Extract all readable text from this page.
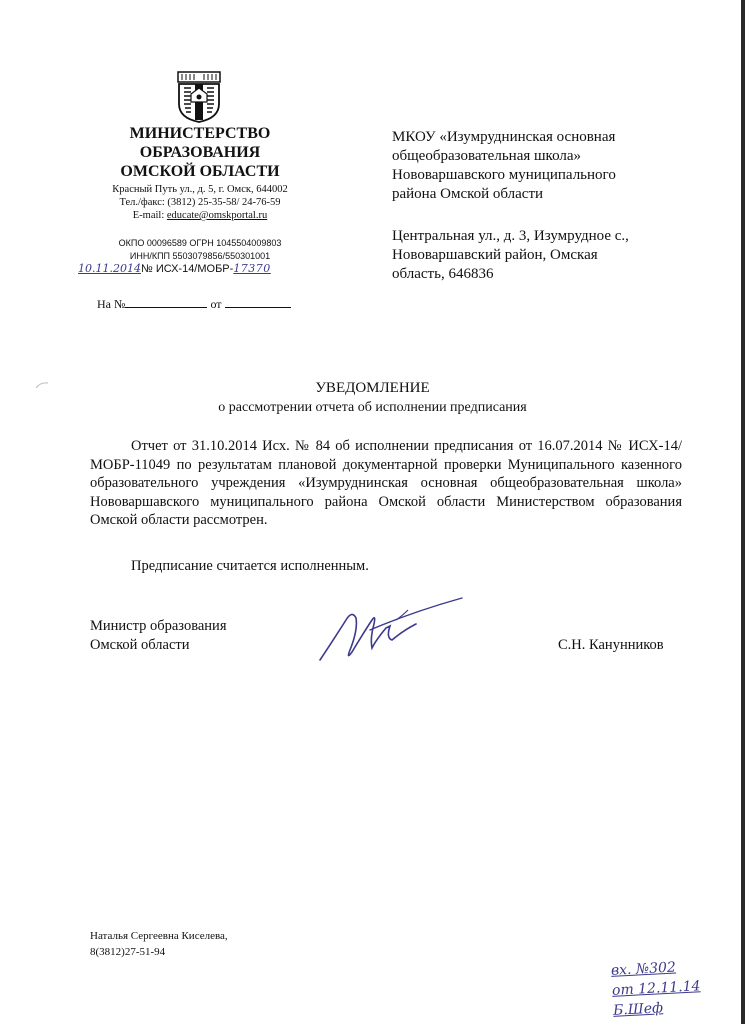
МИНИСТЕРСТВО
ОБРАЗОВАНИЯ
ОМСКОЙ ОБЛАСТИ
Красный Путь ул., д. 5, г. Омск, 644002
Тел./факс: (3812) 25-35-58/ 24-76-59
E-mail: educate@omskportal.ru
ОКПО 00096589 ОГРН 1045504009803
ИНН/КПП 5503079856/550301001
10.11.2014№ ИСХ-14/МОБР-17370
На №	от
МКОУ «Изумруднинская основная
общеобразовательная школа»
Нововаршавского муниципального
района Омской области
Центральная ул., д. 3, Изумрудное с.,
Нововаршавский район, Омская
область, 646836
УВЕДОМЛЕНИЕ
о рассмотрении отчета об исполнении предписания
Отчет от 31.10.2014 Исх. № 84 об исполнении предписания от 16.07.2014 № ИСХ-14/МОБР-11049 по результатам плановой документарной проверки Муниципального казенного образовательного учреждения «Изумруднинская основная общеобразовательная школа» Нововаршавского муниципального района Омской области Министерством образования Омской области рассмотрен.
Предписание считается исполненным.
Министр образования
Омской области	С.Н. Канунников
Наталья Сергеевна Киселева,
8(3812)27-51-94
вх. №302
от 12.11.14
Б.Шеф
